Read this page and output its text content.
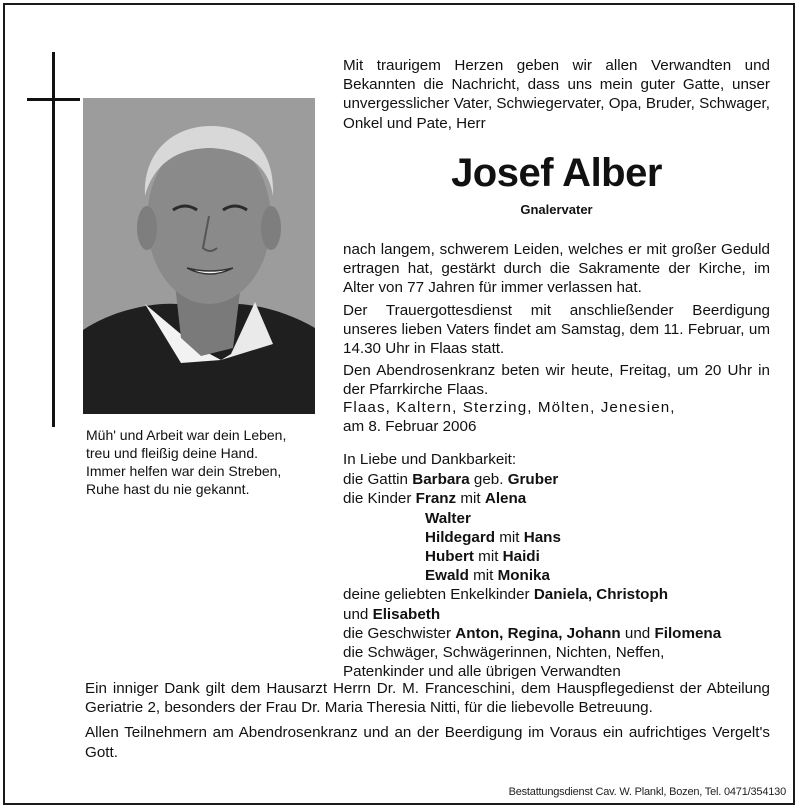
Müh' und Arbeit war dein Leben,
treu und fleißig deine Hand.
Immer helfen war dein Streben,
Ruhe hast du nie gekannt.
Mit traurigem Herzen geben wir allen Verwandten und Bekannten die Nachricht, dass uns mein guter Gatte, unser unvergesslicher Vater, Schwiegervater, Opa, Bruder, Schwager, Onkel und Pate, Herr
Josef Alber
Gnalervater

nach langem, schwerem Leiden, welches er mit großer Geduld ertragen hat, gestärkt durch die Sakramente der Kirche, im Alter von 77 Jahren für immer verlassen hat.

Der Trauergottesdienst mit anschließender Beerdigung unseres lieben Vaters findet am Samstag, dem 11. Februar, um 14.30 Uhr in Flaas statt.

Den Abendrosenkranz beten wir heute, Freitag, um 20 Uhr in der Pfarrkirche Flaas.

Flaas, Kaltern, Sterzing, Mölten, Jenesien,
am 8. Februar 2006
In Liebe und Dankbarkeit:
die Gattin Barbara geb. Gruber
die Kinder Franz mit Alena
Walter
Hildegard mit Hans
Hubert mit Haidi
Ewald mit Monika
deine geliebten Enkelkinder Daniela, Christoph
und Elisabeth
die Geschwister Anton, Regina, Johann und Filomena
die Schwäger, Schwägerinnen, Nichten, Neffen,
Patenkinder und alle übrigen Verwandten

Ein inniger Dank gilt dem Hausarzt Herrn Dr. M. Franceschini, dem Hauspflegedienst der Abteilung Geriatrie 2, besonders der Frau Dr. Maria Theresia Nitti, für die liebevolle Betreuung.

Allen Teilnehmern am Abendrosenkranz und an der Beerdigung im Voraus ein aufrichtiges Vergelt's Gott.

Bestattungsdienst Cav. W. Plankl, Bozen, Tel. 0471/354130
